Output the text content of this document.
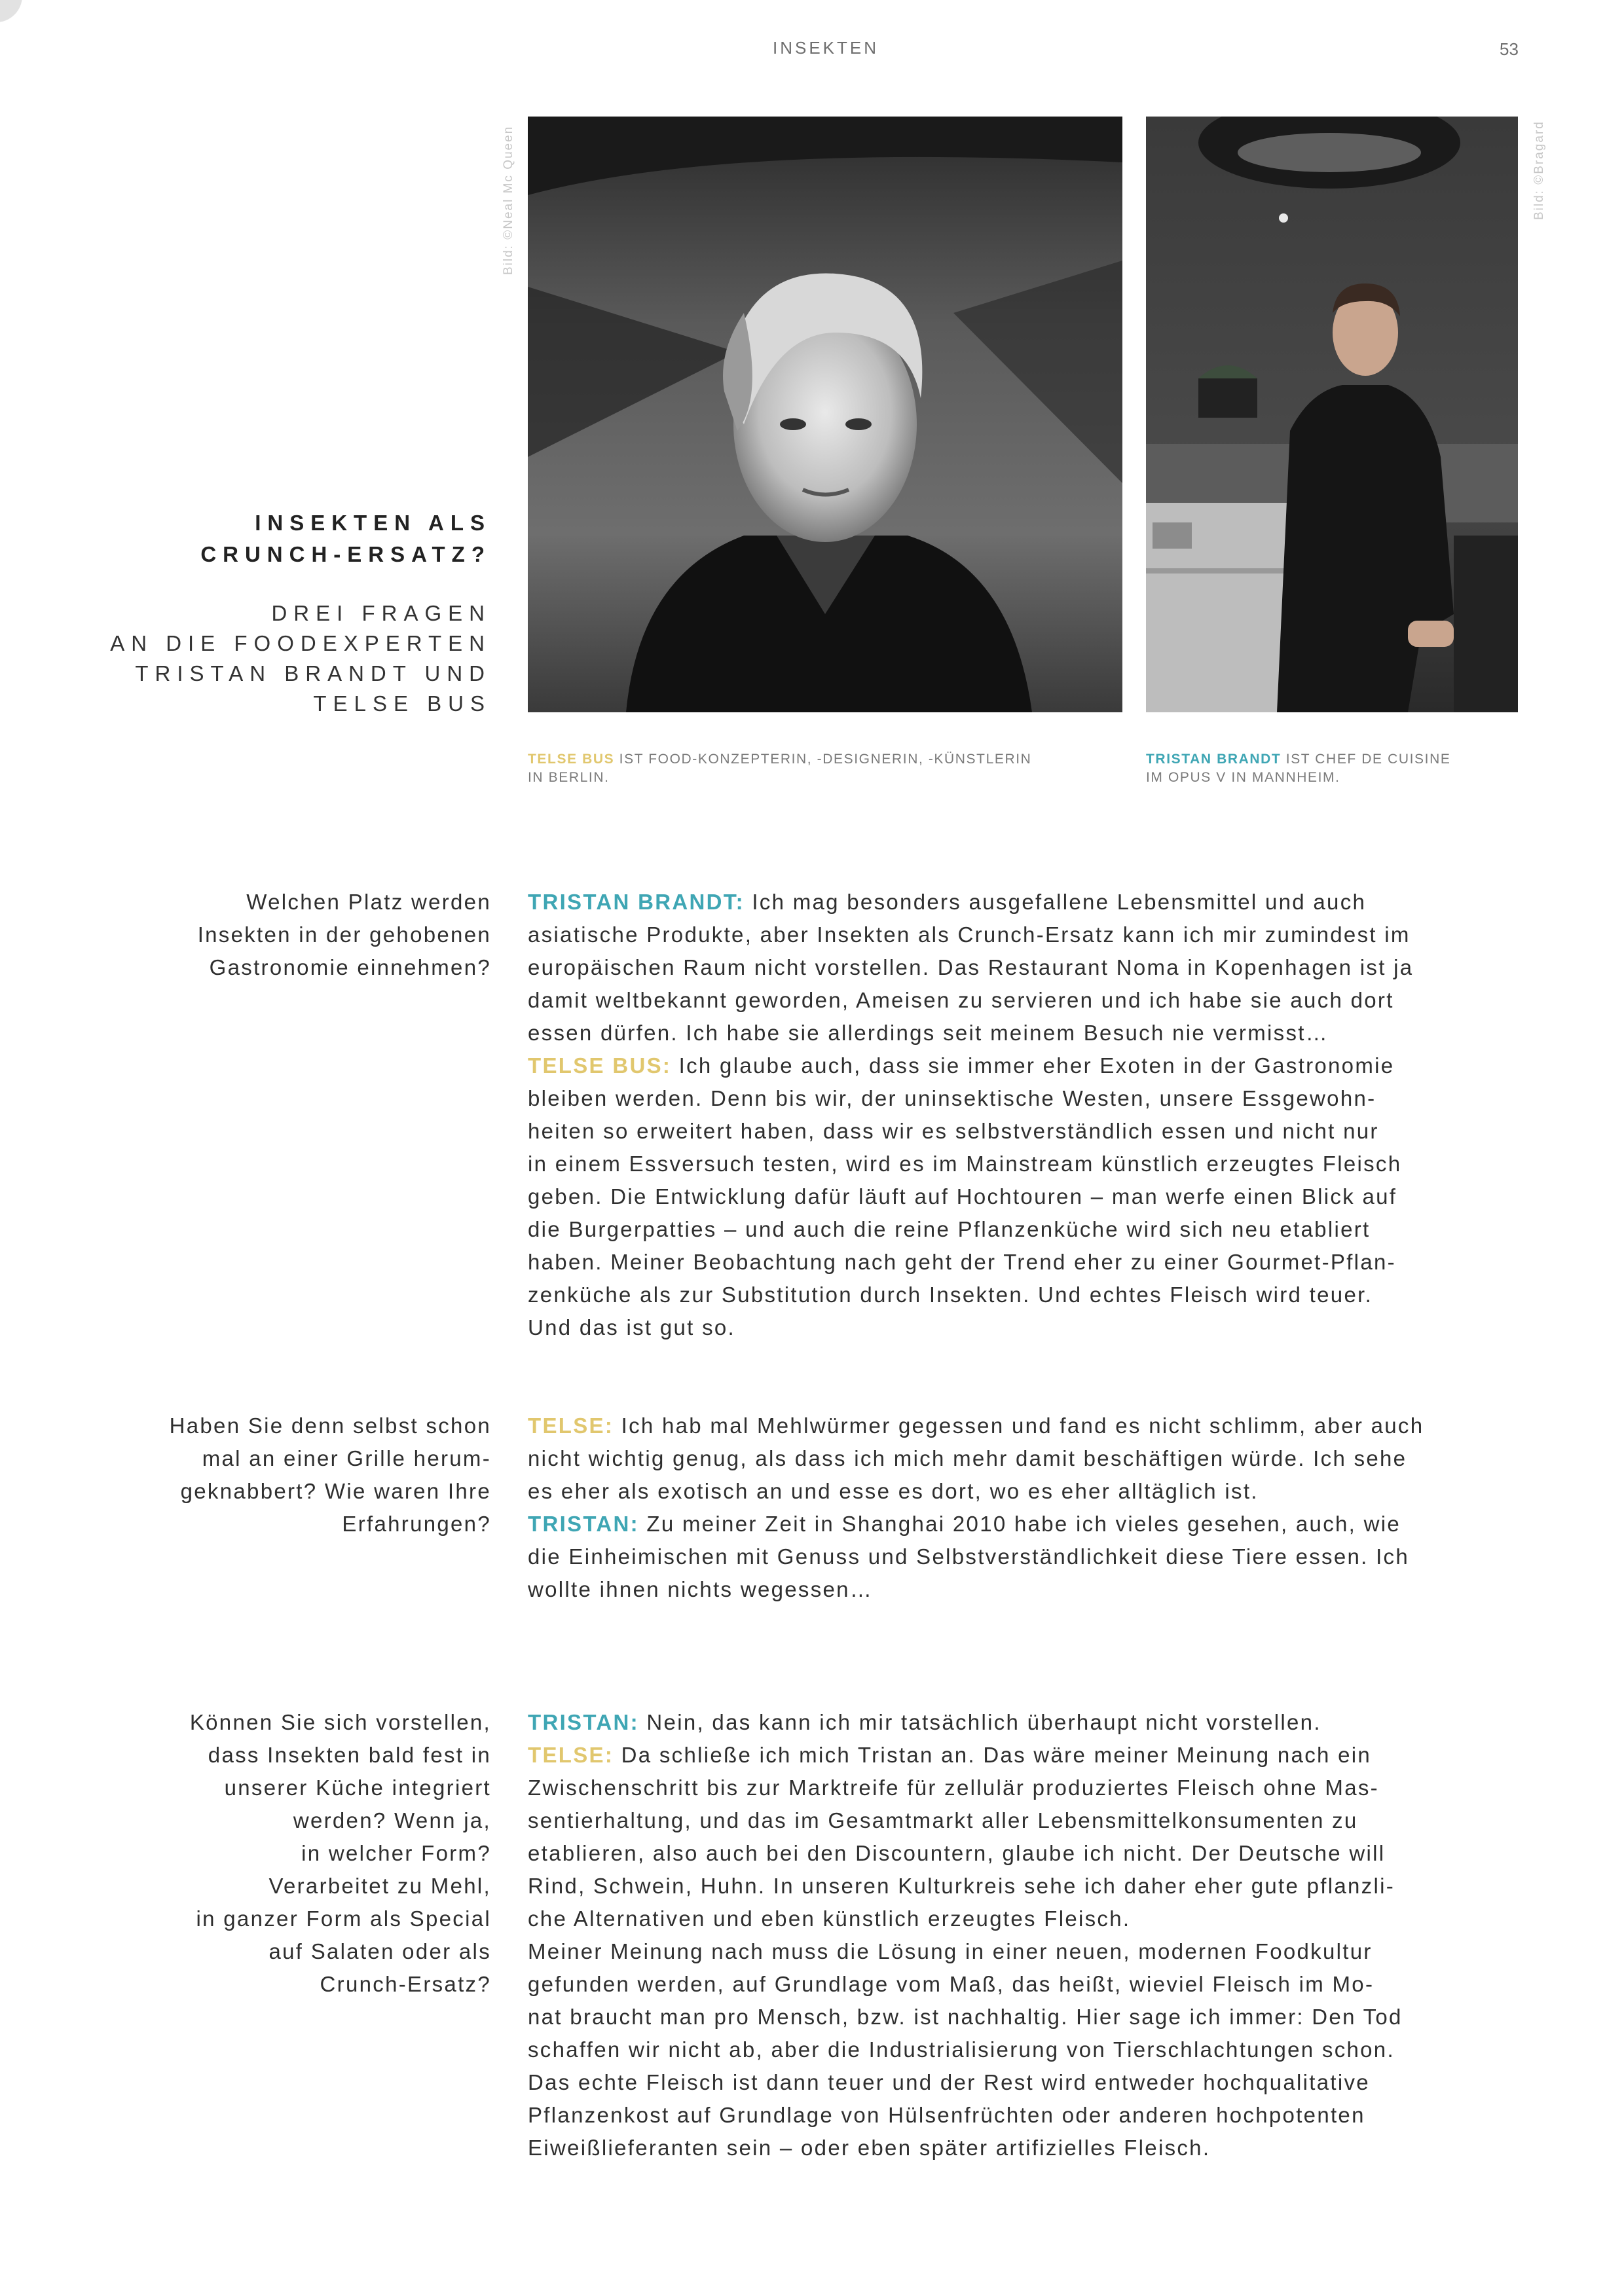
INSEKTEN	53
Bild: ©Neal Mc Queen	Bild: ©Bragard
INSEKTEN ALS
CRUNCH-ERSATZ?
DREI FRAGEN
AN DIE FOODEXPERTEN
TRISTAN BRANDT UND
TELSE BUS
TELSE BUS IST FOOD-KONZEPTERIN, -DESIGNERIN, -KÜNSTLERIN
IN BERLIN.
TRISTAN BRANDT IST CHEF DE CUISINE
IM OPUS V IN MANNHEIM.
Welchen Platz werden
Insekten in der gehobenen
Gastronomie einnehmen?

TRISTAN BRANDT: Ich mag besonders ausgefallene Lebensmittel und auch
asiatische Produkte, aber Insekten als Crunch-Ersatz kann ich mir zumindest im
europäischen Raum nicht vorstellen. Das Restaurant Noma in Kopenhagen ist ja
damit weltbekannt geworden, Ameisen zu servieren und ich habe sie auch dort
essen dürfen. Ich habe sie allerdings seit meinem Besuch nie vermisst…

TELSE BUS: Ich glaube auch, dass sie immer eher Exoten in der Gastronomie
bleiben werden. Denn bis wir, der uninsektische Westen, unsere Essgewohn-
heiten so erweitert haben, dass wir es selbstverständlich essen und nicht nur
in einem Essversuch testen, wird es im Mainstream künstlich erzeugtes Fleisch
geben. Die Entwicklung dafür läuft auf Hochtouren – man werfe einen Blick auf
die Burgerpatties – und auch die reine Pflanzenküche wird sich neu etabliert
haben. Meiner Beobachtung nach geht der Trend eher zu einer Gourmet-Pflan-
zenküche als zur Substitution durch Insekten. Und echtes Fleisch wird teuer.
Und das ist gut so.

Haben Sie denn selbst schon
mal an einer Grille herum-
geknabbert? Wie waren Ihre
Erfahrungen?

TELSE: Ich hab mal Mehlwürmer gegessen und fand es nicht schlimm, aber auch
nicht wichtig genug, als dass ich mich mehr damit beschäftigen würde. Ich sehe
es eher als exotisch an und esse es dort, wo es eher alltäglich ist.

TRISTAN: Zu meiner Zeit in Shanghai 2010 habe ich vieles gesehen, auch, wie
die Einheimischen mit Genuss und Selbstverständlichkeit diese Tiere essen. Ich
wollte ihnen nichts wegessen…

Können Sie sich vorstellen,
dass Insekten bald fest in
unserer Küche integriert
werden? Wenn ja,
in welcher Form?
Verarbeitet zu Mehl,
in ganzer Form als Special
auf Salaten oder als
Crunch-Ersatz?

TRISTAN: Nein, das kann ich mir tatsächlich überhaupt nicht vorstellen.

TELSE: Da schließe ich mich Tristan an. Das wäre meiner Meinung nach ein
Zwischenschritt bis zur Marktreife für zellulär produziertes Fleisch ohne Mas-
sentierhaltung, und das im Gesamtmarkt aller Lebensmittelkonsumenten zu
etablieren, also auch bei den Discountern, glaube ich nicht. Der Deutsche will
Rind, Schwein, Huhn. In unseren Kulturkreis sehe ich daher eher gute pflanzli-
che Alternativen und eben künstlich erzeugtes Fleisch.

Meiner Meinung nach muss die Lösung in einer neuen, modernen Foodkultur
gefunden werden, auf Grundlage vom Maß, das heißt, wieviel Fleisch im Mo-
nat braucht man pro Mensch, bzw. ist nachhaltig. Hier sage ich immer: Den Tod
schaffen wir nicht ab, aber die Industrialisierung von Tierschlachtungen schon.
Das echte Fleisch ist dann teuer und der Rest wird entweder hochqualitative
Pflanzenkost auf Grundlage von Hülsenfrüchten oder anderen hochpotenten
Eiweißlieferanten sein – oder eben später artifizielles Fleisch.
